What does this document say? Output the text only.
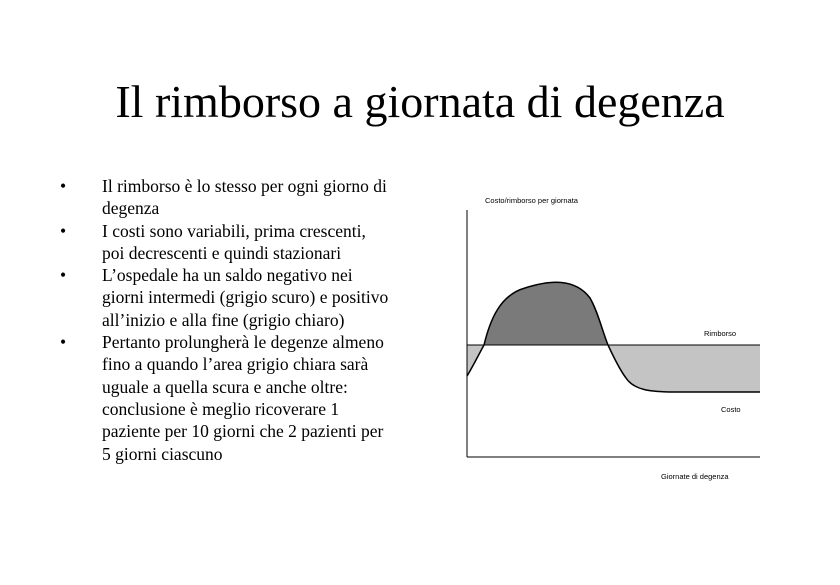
Il rimborso a giornata di degenza
• Il rimborso è lo stesso per ogni giorno di degenza
• I costi sono variabili, prima crescenti, poi decrescenti e quindi stazionari
• L’ospedale ha un saldo negativo nei giorni intermedi (grigio scuro) e positivo all’inizio e alla fine (grigio chiaro)
• Pertanto prolungherà le degenze almeno fino a quando l’area grigio chiara sarà uguale a quella scura e anche oltre: conclusione è meglio ricoverare 1 paziente per 10 giorni che 2 pazienti per 5 giorni ciascuno
Costo/rimborso per giornata
Rimborso
Costo
Giornate di degenza
